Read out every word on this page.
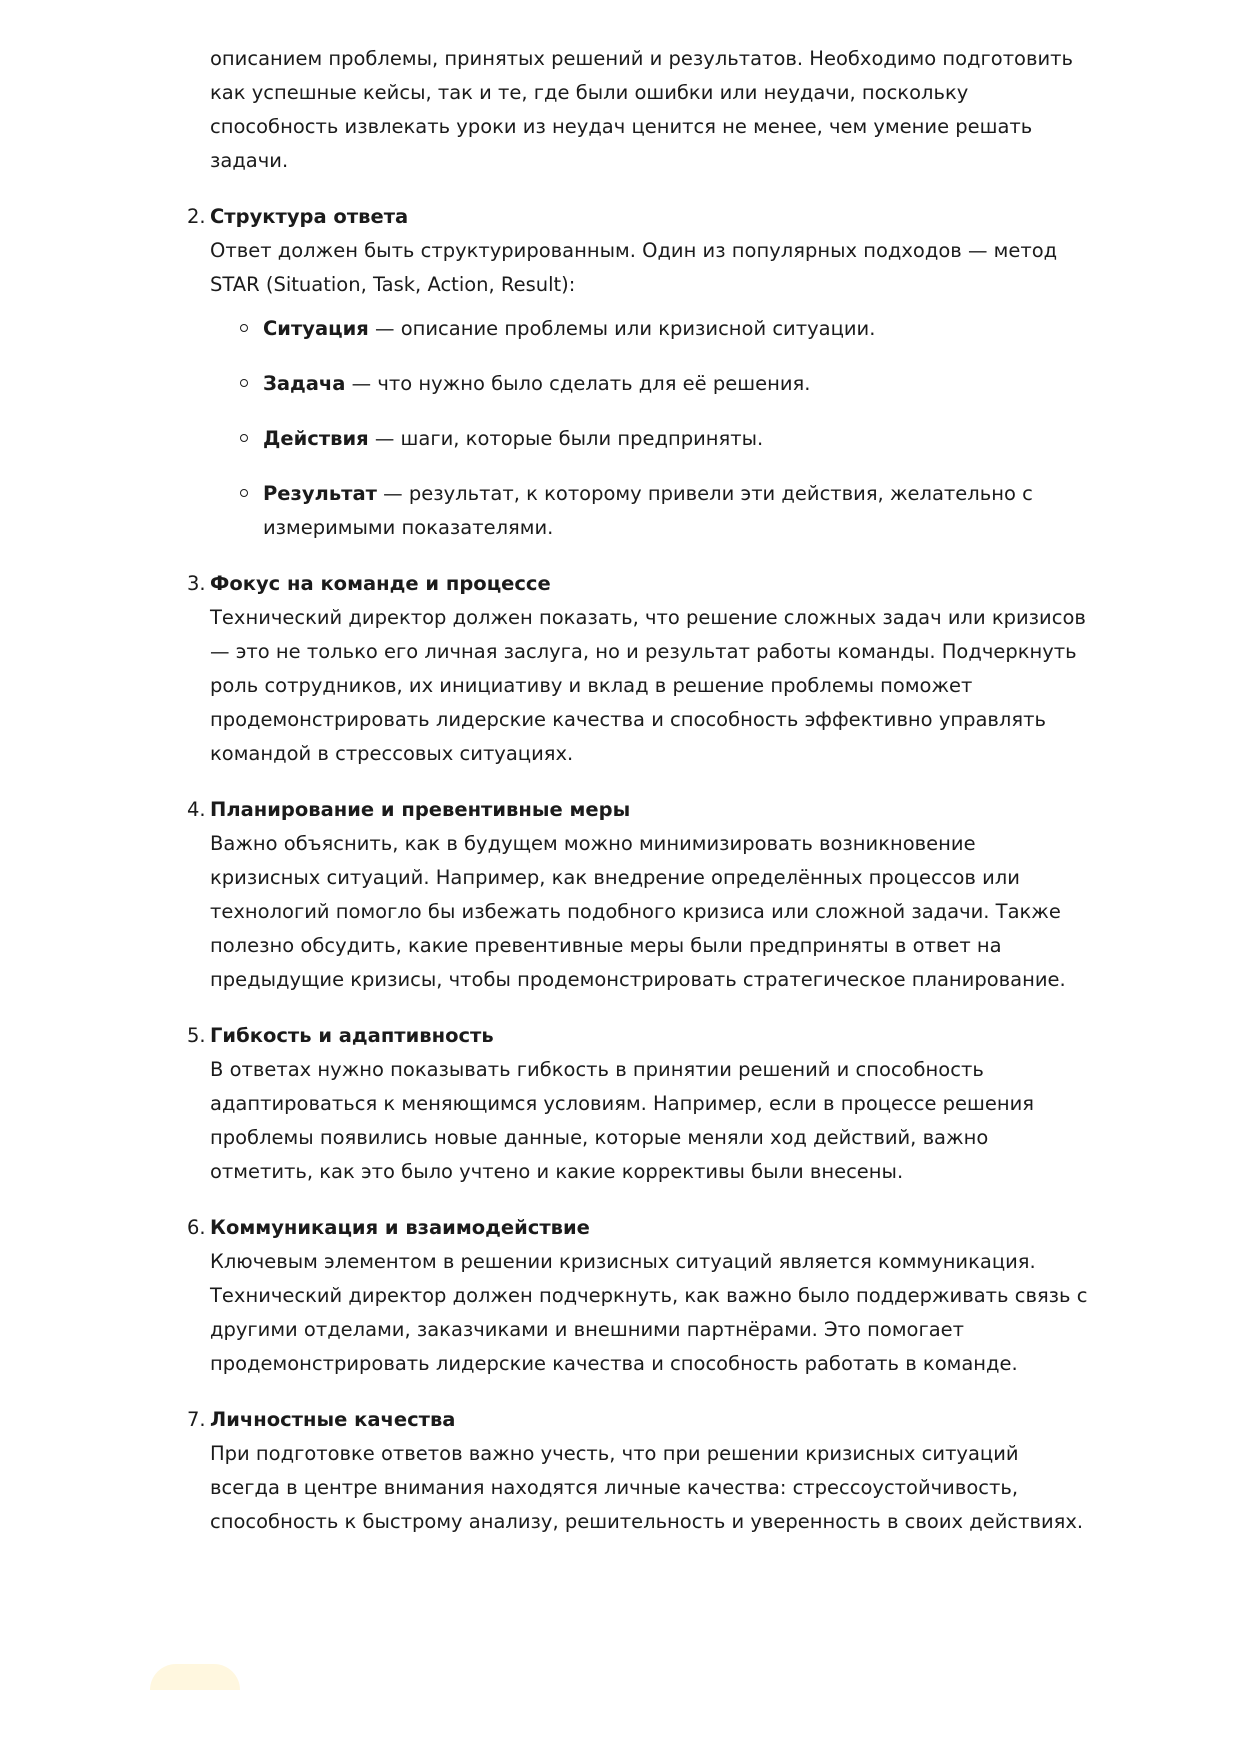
описанием проблемы, принятых решений и результатов. Необходимо подготовить как успешные кейсы, так и те, где были ошибки или неудачи, поскольку способность извлекать уроки из неудач ценится не менее, чем умение решать задачи.

2. Структура ответа
Ответ должен быть структурированным. Один из популярных подходов — метод STAR (Situation, Task, Action, Result):
Ситуация — описание проблемы или кризисной ситуации.
Задача — что нужно было сделать для её решения.
Действия — шаги, которые были предприняты.
Результат — результат, к которому привели эти действия, желательно с измеримыми показателями.
3. Фокус на команде и процессе
Технический директор должен показать, что решение сложных задач или кризисов — это не только его личная заслуга, но и результат работы команды. Подчеркнуть роль сотрудников, их инициативу и вклад в решение проблемы поможет продемонстрировать лидерские качества и способность эффективно управлять командой в стрессовых ситуациях.
4. Планирование и превентивные меры
Важно объяснить, как в будущем можно минимизировать возникновение кризисных ситуаций. Например, как внедрение определённых процессов или технологий помогло бы избежать подобного кризиса или сложной задачи. Также полезно обсудить, какие превентивные меры были предприняты в ответ на предыдущие кризисы, чтобы продемонстрировать стратегическое планирование.
5. Гибкость и адаптивность
В ответах нужно показывать гибкость в принятии решений и способность адаптироваться к меняющимся условиям. Например, если в процессе решения проблемы появились новые данные, которые меняли ход действий, важно отметить, как это было учтено и какие коррективы были внесены.
6. Коммуникация и взаимодействие
Ключевым элементом в решении кризисных ситуаций является коммуникация. Технический директор должен подчеркнуть, как важно было поддерживать связь с другими отделами, заказчиками и внешними партнёрами. Это помогает продемонстрировать лидерские качества и способность работать в команде.
7. Личностные качества
При подготовке ответов важно учесть, что при решении кризисных ситуаций всегда в центре внимания находятся личные качества: стрессоустойчивость, способность к быстрому анализу, решительность и уверенность в своих действиях.
